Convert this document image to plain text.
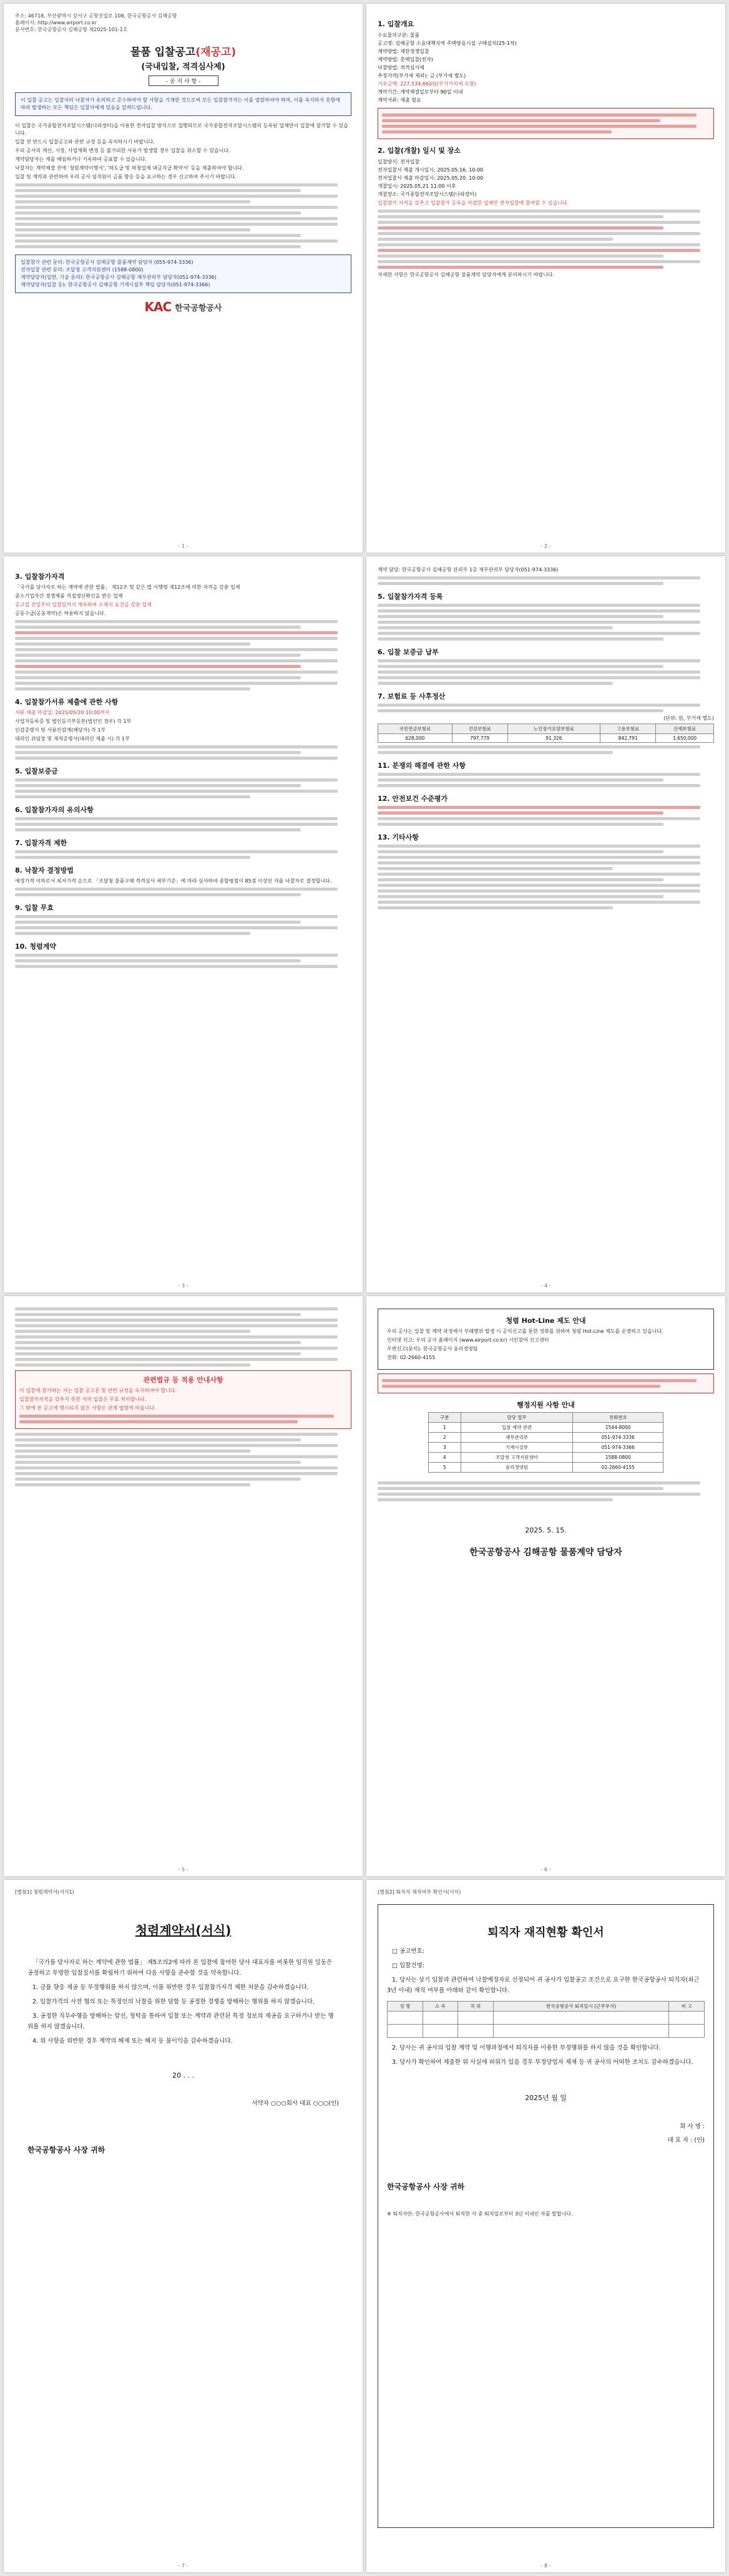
주소: 46718, 부산광역시 강서구 공항진입로 108, 한국공항공사 김해공항
홈페이지: http://www.airport.co.kr
문서번호: 한국공항공사 김해공항 제2025-101-1호
물품 입찰공고(재공고)
(국내입찰, 적격심사제)
- 공 지 사 항 -
이 입찰 공고는 입찰자의 낙찰자가 유의하고 준수하여야 할 사항을 기재한 것으로써 모든 입찰참가자는 이를 열람하여야 하며, 이를 숙지하지 못함에 따라 발생하는 모든 책임은 입찰자에게 있음을 알려드립니다.
이 입찰은 국가종합전자조달시스템(나라장터)을 이용한 전자입찰 방식으로 집행되므로 국가종합전자조달시스템의 등록된 업체만이 입찰에 참가할 수 있습니다.
입찰 전 반드시 입찰공고와 관련 규정 등을 숙지하시기 바랍니다.
우리 공사의 계산, 시장, 사업계획 변경 등 불가피한 사유가 발생할 경우 입찰을 취소할 수 있습니다.
계약담당자는 계를 해임하거나 기록하여 공표할 수 있습니다.
낙찰자는 계약체결 전에 '청렴계약이행서', '하도급 및 하청업체 대금지급 확약서' 등을 제출하여야 합니다.
입찰 및 계약과 관련하여 우리 공사 임직원이 금품 향응 등을 요구하는 경우 신고하여 주시기 바랍니다.
입찰참가 관련 문의: 한국공항공사 김해공항 물품계약 담당자 (055-974-3336)
전자입찰 관련 문의: 조달청 고객지원센터 (1588-0800)
계약담당자(일반, 기술 문의): 한국공항공사 김해공항 재무관리부 담당자(051-974-3336)
계약담당자(입찰 등): 한국공항공사 김해공항 기계시설부 책임 담당자(051-974-3366)
KAC 한국공항공사
- 1 -
1. 입찰개요
수요물자구분: 물품
공고명: 김해공항 소음대책지역 주택방음시설 구매설치(25-1차)
계약방법: 제한경쟁입찰
계약방법: 총액입찰(전자)
낙찰방법: 적격심사제
추정가격(부가세 제외): 금 (부가세 별도)
기초금액: 227,534,660원(부가가치세 포함)
계약기간: 계약체결일로부터 90일 이내
계약서류: 제출 필요
2. 입찰(개찰) 일시 및 장소
입찰방식: 전자입찰
전자입찰서 제출 개시일시: 2025.05.16. 10:00
전자입찰서 제출 마감일시: 2025.05.20. 10:00
개찰일시: 2025.05.21 11:00 이후
개찰장소: 국가종합전자조달시스템(나라장터)
입찰참가 자격을 갖추고 입찰참가 등록을 마감한 업체만 전자입찰에 참여할 수 있습니다.
자세한 사항은 한국공항공사 김해공항 물품계약 담당자에게 문의하시기 바랍니다.
- 2 -
3. 입찰참가자격
「국가를 당사자로 하는 계약에 관한 법률」 제12조 및 같은 법 시행령 제12조에 의한 자격을 갖춘 업체
중소기업자간 경쟁제품 직접생산확인을 받은 업체
공고일 전일부터 입찰일까지 계속하여 소재지 요건을 갖춘 업체
공동수급(공동계약)은 허용하지 않습니다.
4. 입찰참가서류 제출에 관한 사항
서류 제출 마감일: 2025/05/20 10:00까지
사업자등록증 및 법인등기부등본(법인인 경우) 각 1부
인감증명서 및 사용인감계(해당자) 각 1부
대리인 위임장 및 재직증명서(대리인 제출 시) 각 1부
5. 입찰보증금
6. 입찰참가자의 유의사항
7. 입찰자격 제한
8. 낙찰자 결정방법
예정가격 이하로서 최저가격 순으로 「조달청 물품구매 적격심사 세부기준」에 따라 심사하여 종합평점이 85점 이상인 자를 낙찰자로 결정합니다.
9. 입찰 무효
10. 청렴계약
- 3 -
계약 담당: 한국공항공사 김해공항 관리부 1층 재무관리부 담당자(051-974-3336)
5. 입찰참가자격 등록
6. 입찰 보증금 납부
7. 보험료 등 사후정산
(단위: 원, 부가세 별도)
국민연금보험료	건강보험료	노인장기요양보험료	고용보험료	산재보험료
628,000	797,779	91,326	842,791	1,650,000
11. 분쟁의 해결에 관한 사항
12. 안전보건 수준평가
13. 기타사항
- 4 -
관련법규 등 적용 안내사항
이 입찰에 참가하는 자는 입찰 공고문 및 관련 규정을 숙지하여야 합니다.
입찰참가자격을 갖추지 못한 자의 입찰은 무효 처리합니다.
그 밖에 본 공고에 명시되지 않은 사항은 관계 법령에 따릅니다.
- 5 -
청렴 Hot-Line 제도 안내
우리 공사는 입찰 및 계약 과정에서 부패행위 발생 시 공익신고를 통한 정화를 위하여 청렴 Hot-Line 제도를 운영하고 있습니다.
인터넷 신고: 우리 공사 홈페이지 (www.airport.co.kr) 시민참여 신고센터
우편신고(문의): 한국공항공사 윤리경영팀
전화: 02-2660-4155
행정지원 사항 안내
구분	담당 업무	전화번호
1	입찰 계약 관련	1544-8000
2	재무관리부	051-974-3336
3	기계시설부	051-974-3366
4	조달청 고객지원센터	1588-0800
5	윤리경영팀	02-2660-4155
2025. 5. 15.
한국공항공사 김해공항 물품계약 담당자
- 6 -
[별첨1] 청렴계약서(서식1)
청렴계약서(서식)
「국가를 당사자로 하는 계약에 관한 법률」 제5조의2에 따라 본 입찰에 참여한 당사 대표자를 비롯한 임직원 일동은 공정하고 투명한 입찰질서를 확립하기 위하여 다음 사항을 준수할 것을 약속합니다.
1. 금품 향응 제공 등 부정행위를 하지 않으며, 이를 위반한 경우 입찰참가자격 제한 처분을 감수하겠습니다.
2. 입찰가격의 사전 협의 또는 특정인의 낙찰을 위한 담합 등 공정한 경쟁을 방해하는 행위를 하지 않겠습니다.
3. 공정한 직무수행을 방해하는 알선, 청탁을 통하여 입찰 또는 계약과 관련된 특정 정보의 제공을 요구하거나 받는 행위를 하지 않겠습니다.
4. 위 사항을 위반한 경우 계약의 해제 또는 해지 등 불이익을 감수하겠습니다.
20 . . .
서약자 ○○○회사 대표 ○○○(인)
한국공항공사 사장 귀하
- 7 -
[별첨2] 퇴직자 재직여부 확인서(서식)
퇴직자 재직현황 확인서
□ 공고번호:
□ 입찰건명:
1. 당사는 상기 입찰과 관련하여 낙찰예정자로 선정되어 귀 공사가 입찰공고 조건으로 요구한 한국공항공사 퇴직자(최근 3년 이내) 재직 여부를 아래와 같이 확인합니다.
성 명	소 속	직 위	한국공항공사 퇴직일시 (근무부서)	비 고

2. 당사는 귀 공사의 입찰 계약 및 이행과정에서 퇴직자를 이용한 부정행위를 하지 않을 것을 확인합니다.
3. 당사가 확인하여 제출한 위 사실에 허위가 있을 경우 부정당업자 제재 등 귀 공사의 어떠한 조치도 감수하겠습니다.
2025년 월 일
회 사 명 :
대 표 자 : (인)
한국공항공사 사장 귀하
※ 퇴직자란: 한국공항공사에서 퇴직한 자 중 퇴직일로부터 3년 이내인 자를 말합니다.
- 8 -
